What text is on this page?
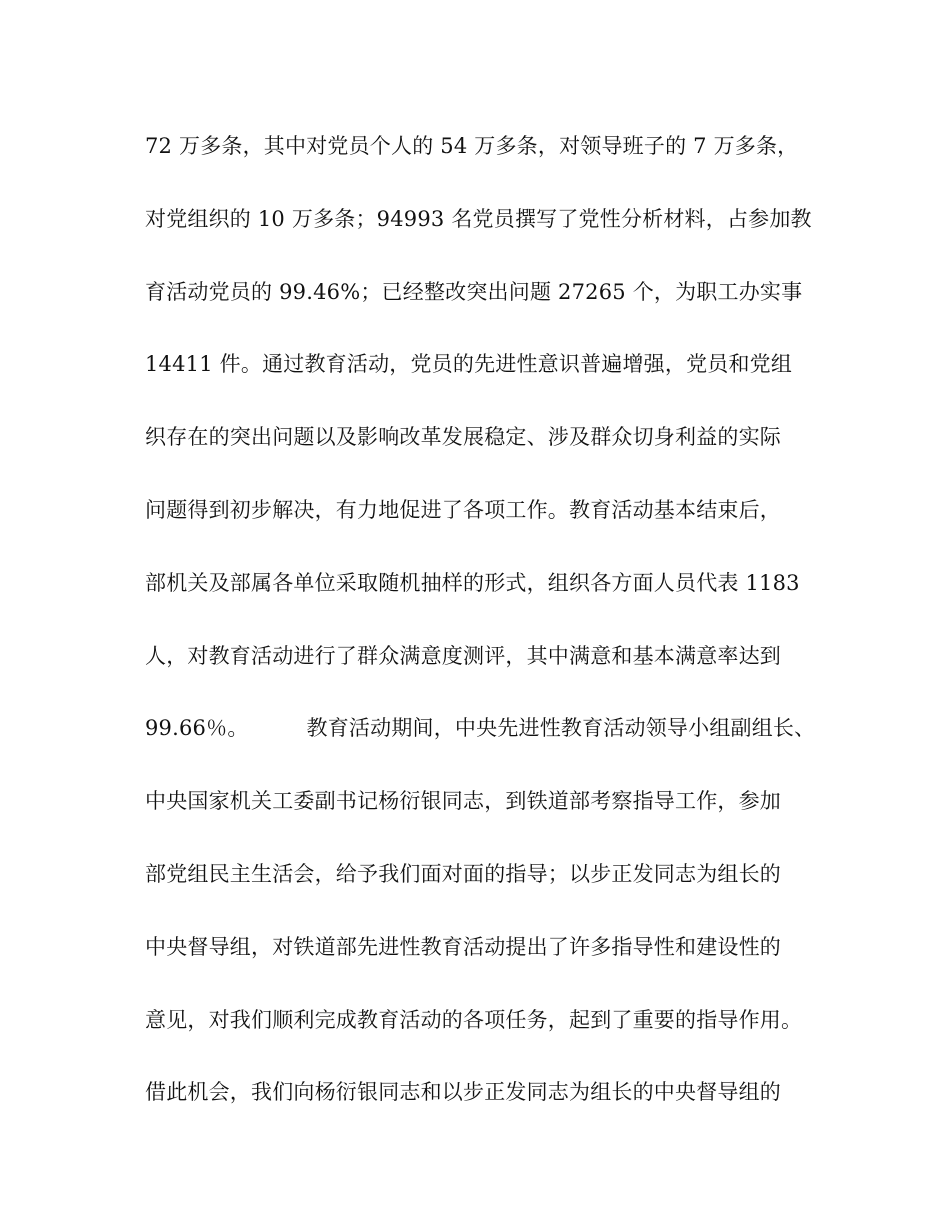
72 万多条，其中对党员个人的 54 万多条，对领导班子的 7 万多条，
对党组织的 10 万多条；94993 名党员撰写了党性分析材料，占参加教
育活动党员的 99.46%；已经整改突出问题 27265 个，为职工办实事
14411 件。通过教育活动，党员的先进性意识普遍增强，党员和党组
织存在的突出问题以及影响改革发展稳定、涉及群众切身利益的实际
问题得到初步解决，有力地促进了各项工作。教育活动基本结束后，
部机关及部属各单位采取随机抽样的形式，组织各方面人员代表 1183
人，对教育活动进行了群众满意度测评，其中满意和基本满意率达到
99.66％。	教育活动期间，中央先进性教育活动领导小组副组长、
中央国家机关工委副书记杨衍银同志，到铁道部考察指导工作，参加
部党组民主生活会，给予我们面对面的指导；以步正发同志为组长的
中央督导组，对铁道部先进性教育活动提出了许多指导性和建设性的
意见，对我们顺利完成教育活动的各项任务，起到了重要的指导作用。
借此机会，我们向杨衍银同志和以步正发同志为组长的中央督导组的
